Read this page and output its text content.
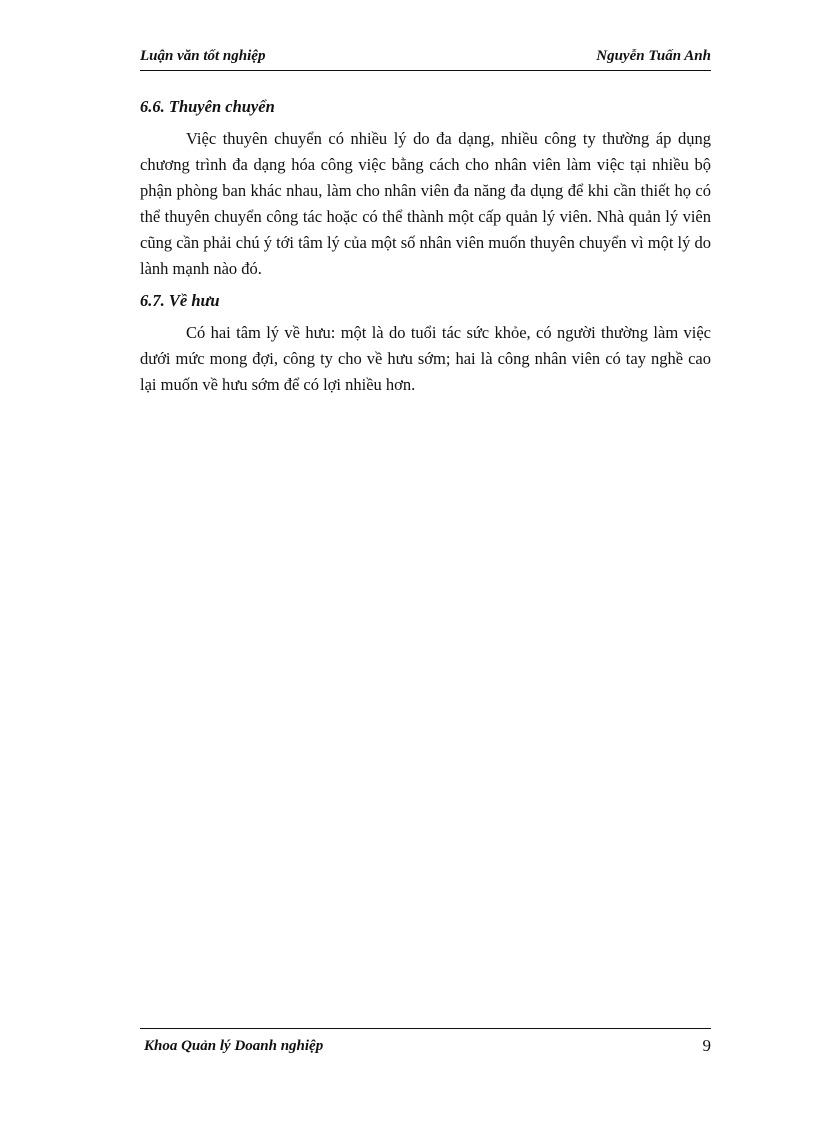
Luận văn tốt nghiệp	Nguyễn Tuấn Anh
6.6. Thuyên chuyển

Việc thuyên chuyển có nhiều lý do đa dạng, nhiều công ty thường áp dụng chương trình đa dạng hóa công việc bằng cách cho nhân viên làm việc tại nhiều bộ phận phòng ban khác nhau, làm cho nhân viên đa năng đa dụng để khi cần thiết họ có thể thuyên chuyển công tác hoặc có thể thành một cấp quản lý viên. Nhà quản lý viên cũng cần phải chú ý tới tâm lý của một số nhân viên muốn thuyên chuyển vì một lý do lành mạnh nào đó.

6.7. Về hưu

Có hai tâm lý về hưu: một là do tuổi tác sức khỏe, có người thường làm việc dưới mức mong đợi, công ty cho về hưu sớm; hai là công nhân viên có tay nghề cao lại muốn về hưu sớm để có lợi nhiều hơn.

Khoa Quản lý Doanh nghiệp	9
